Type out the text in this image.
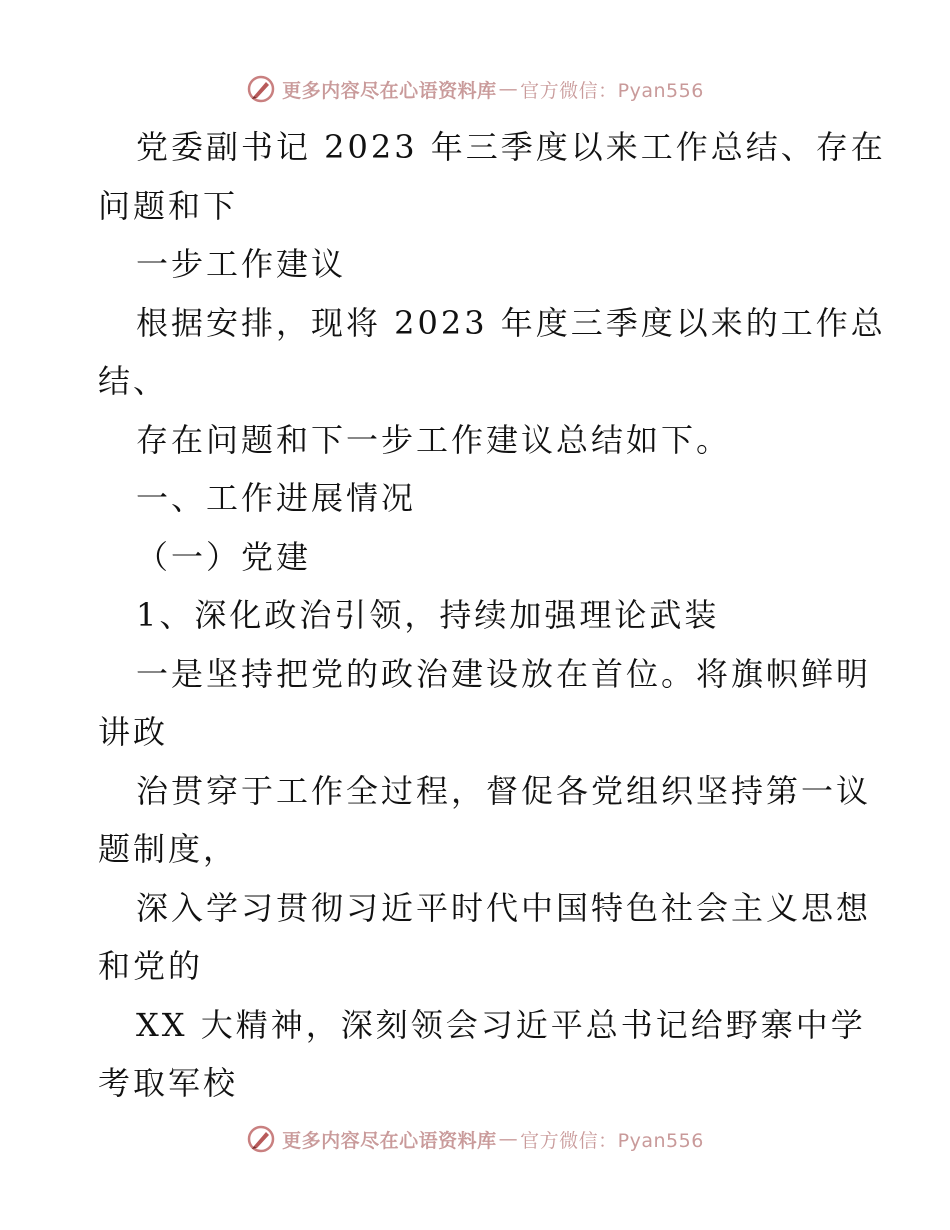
更多内容尽在心语资料库 — 官方微信：Pyan556
党委副书记 2023 年三季度以来工作总结、存在
问题和下
一步工作建议
根据安排，现将 2023 年度三季度以来的工作总
结、
存在问题和下一步工作建议总结如下。
一、工作进展情况
（一）党建
1、深化政治引领，持续加强理论武装
一是坚持把党的政治建设放在首位。将旗帜鲜明
讲政
治贯穿于工作全过程，督促各党组织坚持第一议
题制度，
深入学习贯彻习近平时代中国特色社会主义思想
和党的
XX 大精神，深刻领会习近平总书记给野寨中学
考取军校
更多内容尽在心语资料库 — 官方微信：Pyan556
